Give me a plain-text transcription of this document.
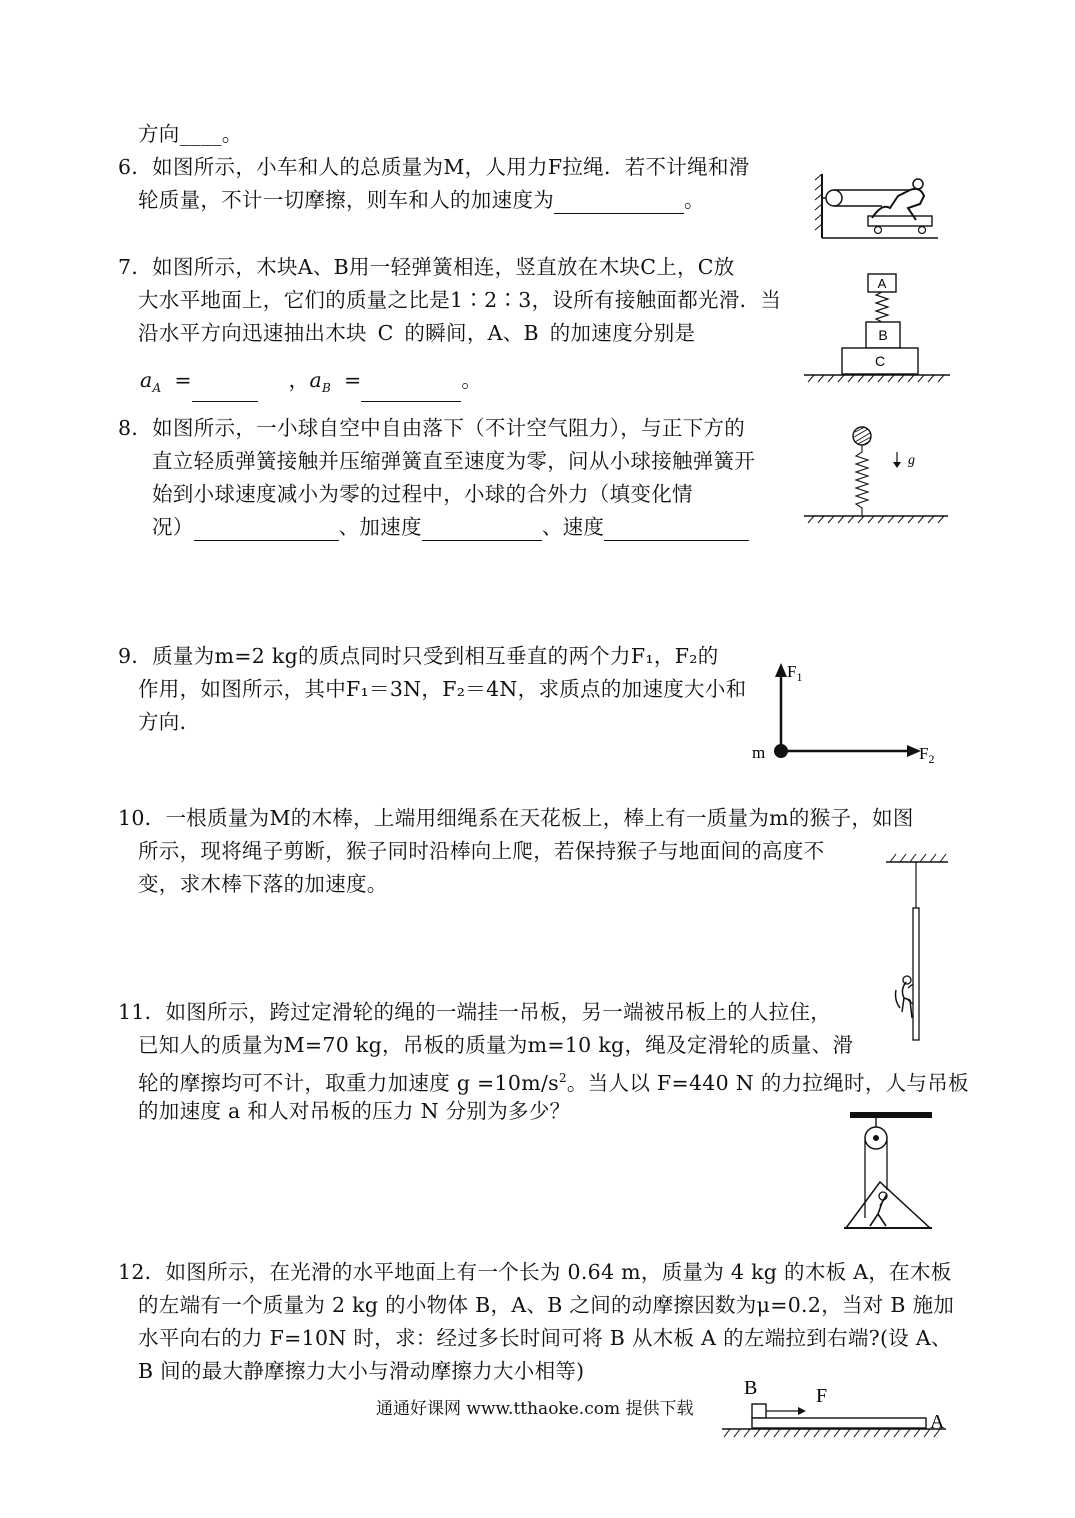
方向____。
6．如图所示，小车和人的总质量为M，人用力F拉绳．若不计绳和滑
轮质量，不计一切摩擦，则车和人的加速度为	。
7．如图所示，木块A、B用一轻弹簧相连，竖直放在木块C上，C放
大水平地面上，它们的质量之比是1∶2∶3，设所有接触面都光滑．当
沿水平方向迅速抽出木块 C 的瞬间，A、B 的加速度分别是
$a_A$ =	，$a_B$ =	。
A
B
C
8．如图所示，一小球自空中自由落下（不计空气阻力），与正下方的
直立轻质弹簧接触并压缩弹簧直至速度为零，问从小球接触弹簧开
始到小球速度减小为零的过程中，小球的合外力（填变化情
况）	、加速度	、速度
g
9．质量为m=2 kg的质点同时只受到相互垂直的两个力F₁，F₂的
作用，如图所示，其中F₁＝3N，F₂＝4N，求质点的加速度大小和
方向．
$F_1$
m	$F_2$
10．一根质量为M的木棒，上端用细绳系在天花板上，棒上有一质量为m的猴子，如图
所示，现将绳子剪断，猴子同时沿棒向上爬，若保持猴子与地面间的高度不
变，求木棒下落的加速度。
11．如图所示，跨过定滑轮的绳的一端挂一吊板，另一端被吊板上的人拉住，
已知人的质量为M=70 kg，吊板的质量为m=10 kg，绳及定滑轮的质量、滑
轮的摩擦均可不计，取重力加速度 $g =10m/s^2$。当人以 F=440 N 的力拉绳时，人与吊板
的加速度 a 和人对吊板的压力 N 分别为多少？
12．如图所示，在光滑的水平地面上有一个长为 0.64 m，质量为 4 kg 的木板 A，在木板
的左端有一个质量为 2 kg 的小物体 B，A、B 之间的动摩擦因数为μ=0.2，当对 B 施加
水平向右的力 F=10N 时，求：经过多长时间可将 B 从木板 A 的左端拉到右端?(设 A、
B 间的最大静摩擦力大小与滑动摩擦力大小相等)
B	F
A
通通好课网 www.tthaoke.com 提供下载
